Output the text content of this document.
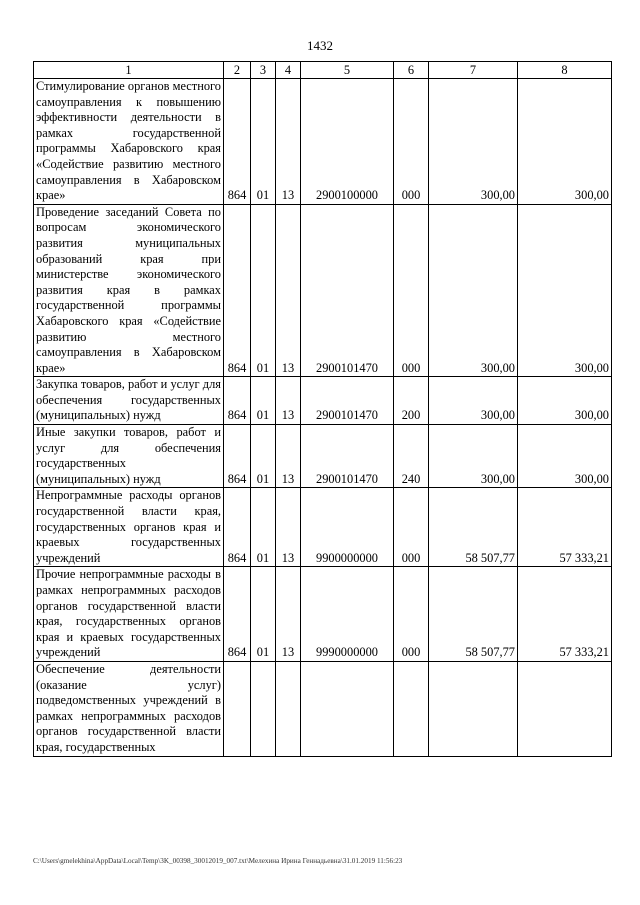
1432
1	2	3	4	5	6	7	8
Стимулирование органов местного самоуправления к повышению эффективности деятельности в рамках государственной программы Хабаровского края «Содействие развитию местного самоуправления в Хабаровском крае»	864	01	13	2900100000	000	300,00	300,00
Проведение заседаний Совета по вопросам экономического развития муниципальных образований края при министерстве экономического развития края в рамках государственной программы Хабаровского края «Содействие развитию местного самоуправления в Хабаровском крае»	864	01	13	2900101470	000	300,00	300,00
Закупка товаров, работ и услуг для обеспечения государственных (муниципальных) нужд	864	01	13	2900101470	200	300,00	300,00
Иные закупки товаров, работ и услуг для обеспечения государственных (муниципальных) нужд	864	01	13	2900101470	240	300,00	300,00
Непрограммные расходы органов государственной власти края, государственных органов края и краевых государственных учреждений	864	01	13	9900000000	000	58 507,77	57 333,21
Прочие непрограммные расходы в рамках непрограммных расходов органов государственной власти края, государственных органов края и краевых государственных учреждений	864	01	13	9990000000	000	58 507,77	57 333,21
Обеспечение деятельности (оказание услуг) подведомственных учреждений в рамках непрограммных расходов органов государственной власти края, государственных							
C:\Users\gmelekhina\AppData\Local\Temp\3K_00398_30012019_007.txt\Мелехина Ирина Геннадьевна\31.01.2019 11:56:23
